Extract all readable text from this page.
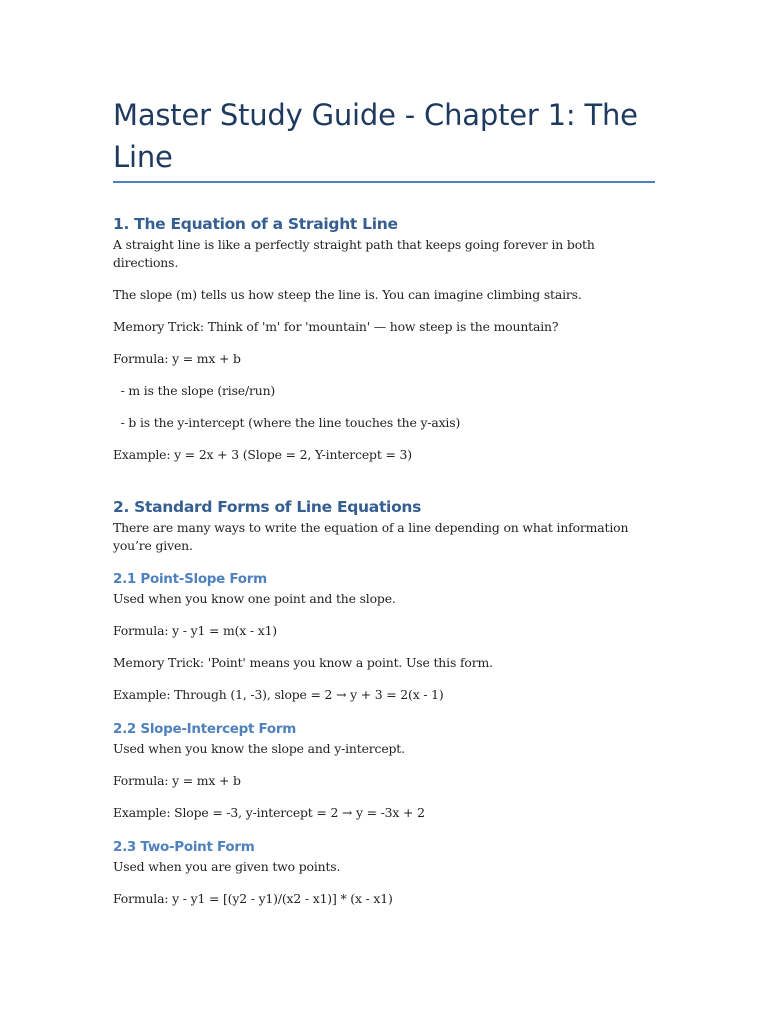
Master Study Guide - Chapter 1: The Line
1. The Equation of a Straight Line

A straight line is like a perfectly straight path that keeps going forever in both directions.

The slope (m) tells us how steep the line is. You can imagine climbing stairs.

Memory Trick: Think of 'm' for 'mountain' — how steep is the mountain?

Formula: y = mx + b

- m is the slope (rise/run)

- b is the y-intercept (where the line touches the y-axis)

Example: y = 2x + 3 (Slope = 2, Y-intercept = 3)

2. Standard Forms of Line Equations

There are many ways to write the equation of a line depending on what information you’re given.

2.1 Point-Slope Form

Used when you know one point and the slope.

Formula: y - y1 = m(x - x1)

Memory Trick: 'Point' means you know a point. Use this form.

Example: Through (1, -3), slope = 2 → y + 3 = 2(x - 1)

2.2 Slope-Intercept Form

Used when you know the slope and y-intercept.

Formula: y = mx + b

Example: Slope = -3, y-intercept = 2 → y = -3x + 2

2.3 Two-Point Form

Used when you are given two points.

Formula: y - y1 = [(y2 - y1)/(x2 - x1)] * (x - x1)
